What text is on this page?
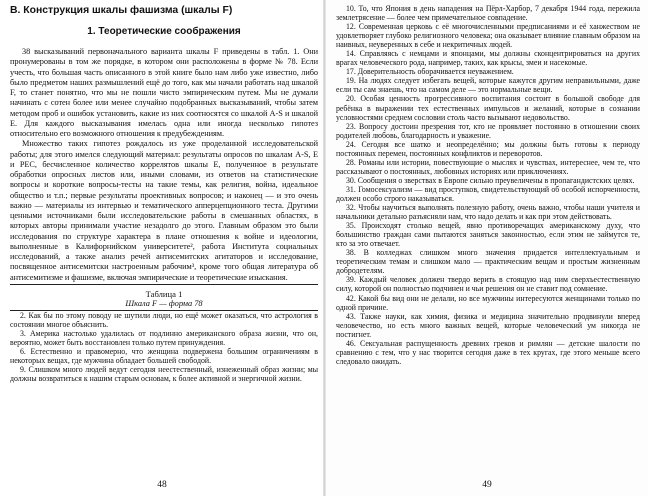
В. Конструкция шкалы фашизма (шкалы F)
1. Теоретические соображения

38 высказываний первоначального варианта шкалы F приведены в табл. 1. Они пронумерованы в том же порядке, в котором они расположены в форме № 78. Если учесть, что большая часть описанного в этой книге было нам либо уже известно, либо было предметом наших размышлений ещё до того, как мы начали работать над шкалой F, то станет понятно, что мы не пошли чисто эмпирическим путем. Мы не думали начинать с сотен более или менее случайно подобранных высказываний, чтобы затем методом проб и ошибок установить, какие из них соотносятся со шкалой A-S и шкалой E. Для каждого высказывания имелась одна или иногда несколько гипотез относительно его возможного отношения к предубеждениям.

Множество таких гипотез рождалось из уже проделанной исследовательской работы; для этого имелся следующий материал: результаты опросов по шкалам A-S, E и PEC, бесчисленное количество коррелятов шкалы E, полученное в результате обработки опросных листов или, иными словами, из ответов на статистические вопросы и короткие вопросы-тесты на такие темы, как религия, война, идеальное общество и т.п.; первые результаты проективных вопросов; и наконец — и это очень важно — материалы из интервью и тематического апперцепционного теста. Другими ценными источниками были исследовательские работы в смешанных областях, в которых авторы принимали участие незадолго до этого. Главным образом это были исследования по структуре характера в плане отношения к войне и идеологии, выполненные в Калифорнийском университете², работа Института социальных исследований, а также анализ речей антисемитских агитаторов и исследование, посвященное антисемитски настроенным рабочим³, кроме того общая литература об антисемитизме и фашизме, включая эмпирические и теоретические изыскания.

Таблица 1
Шкала F — форма 78
2. Как бы по этому поводу не шутили люди, но ещё может оказаться, что астрология в состоянии многое объяснить.
3. Америка настолько удалилась от подлинно американского образа жизни, что он, вероятно, может быть восстановлен только путем принуждения.
6. Естественно и правомерно, что женщина подвержена большим ограничениям в некоторых вещах, где мужчина обладает большей свободой.
9. Слишком много людей ведут сегодня неестественный, изнеженный образ жизни; мы должны возвратиться к нашим старым основам, к более активной и энергичной жизни.
48
10. То, что Япония в день нападения на Пёрл-Харбор, 7 декабря 1944 года, пережила землетрясение — более чем примечательное совпадение.
12. Современная церковь с её многочисленными предписаниями и её ханжеством не удовлетворяет глубоко религиозного человека; она оказывает влияние главным образом на наивных, неуверенных в себе и некритичных людей.
14. Справляясь с немцами и японцами, мы должны сконцентрироваться на других врагах человеческого рода, например, таких, как крысы, змеи и насекомые.
17. Доверительность оборачивается неуважением.
19. На людях следует избегать вещей, которые кажутся другим неправильными, даже если ты сам знаешь, что на самом деле — это нормальные вещи.
20. Особая ценность прогрессивного воспитания состоит в большой свободе для ребёнка в выражении тех естественных импульсов и желаний, которые в сознании условностями среднем сословии столь часто вызывают недовольство.
23. Вопросу достоин презрения тот, кто не проявляет постоянно в отношении своих родителей любовь, благодарность и уважение.
24. Сегодня все шатко и неопределённо; мы должны быть готовы к периоду постоянных перемен, постоянных конфликтов и переворотов.
28. Романы или истории, повествующие о мыслях и чувствах, интереснее, чем те, что рассказывают о постоянных, любовных историях или приключениях.
30. Сообщения о зверствах в Европе сильно преувеличены в пропагандистских целях.
31. Гомосексуализм — вид проступков, свидетельствующий об особой испорченности, должен особо строго наказываться.
32. Чтобы научиться выполнять полезную работу, очень важно, чтобы наши учителя и начальники детально разъясняли нам, что надо делать и как при этом действовать.
35. Происходят столько вещей, явно противоречащих американскому духу, что большинство граждан сами пытаются заняться законностью, если этим не займутся те, кто за это отвечает.
38. В колледжах слишком много значения придается интеллектуальным и теоретическим темам и слишком мало — практическим вещам и простым жизненным добродетелям.
39. Каждый человек должен твердо верить в стоящую над ним сверхъестественную силу, которой он полностью подчинен и чьи решения он не ставит под сомнение.
42. Какой бы вид они не делали, но все мужчины интересуются женщинами только по одной причине.
43. Также науки, как химия, физика и медицина значительно продвинули вперед человечество, но есть много важных вещей, которые человеческий ум никогда не постигнет.
46. Сексуальная распущенность древних греков и римлян — детские шалости по сравнению с тем, что у нас творится сегодня даже в тех кругах, где этого меньше всего следовало ожидать.
49
